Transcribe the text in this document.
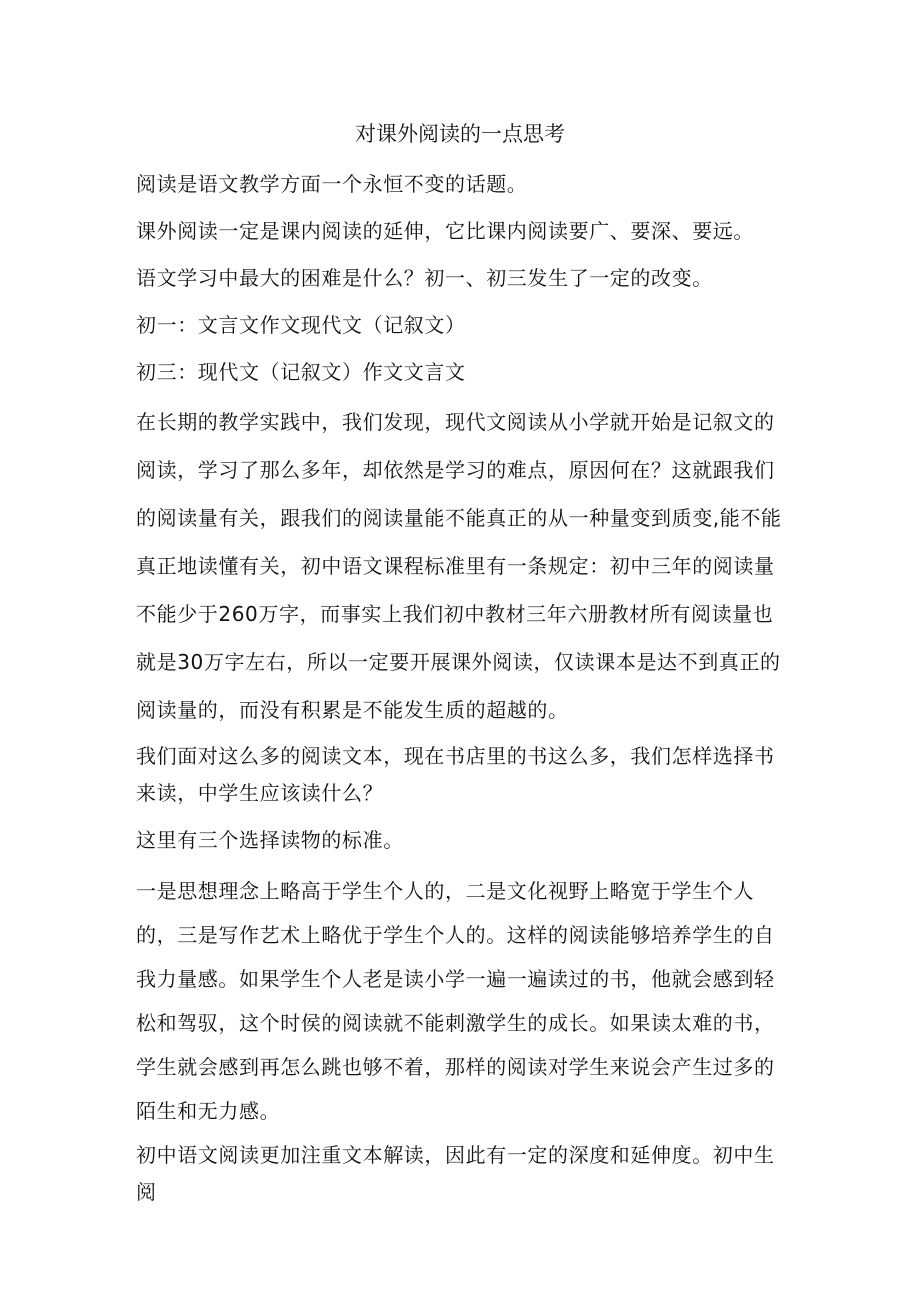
对课外阅读的一点思考

阅读是语文教学方面一个永恒不变的话题。

课外阅读一定是课内阅读的延伸，它比课内阅读要广、要深、要远。

语文学习中最大的困难是什么？初一、初三发生了一定的改变。

初一：文言文作文现代文（记叙文）

初三：现代文（记叙文）作文文言文

在长期的教学实践中，我们发现，现代文阅读从小学就开始是记叙文的阅读，学习了那么多年，却依然是学习的难点，原因何在？这就跟我们的阅读量有关，跟我们的阅读量能不能真正的从一种量变到质变,能不能真正地读懂有关，初中语文课程标准里有一条规定：初中三年的阅读量不能少于260万字，而事实上我们初中教材三年六册教材所有阅读量也就是30万字左右，所以一定要开展课外阅读，仅读课本是达不到真正的阅读量的，而没有积累是不能发生质的超越的。

我们面对这么多的阅读文本，现在书店里的书这么多，我们怎样选择书来读，中学生应该读什么？

这里有三个选择读物的标准。

一是思想理念上略高于学生个人的，二是文化视野上略宽于学生个人的，三是写作艺术上略优于学生个人的。这样的阅读能够培养学生的自我力量感。如果学生个人老是读小学一遍一遍读过的书，他就会感到轻松和驾驭，这个时侯的阅读就不能刺激学生的成长。如果读太难的书，学生就会感到再怎么跳也够不着，那样的阅读对学生来说会产生过多的陌生和无力感。

初中语文阅读更加注重文本解读，因此有一定的深度和延伸度。初中生阅
